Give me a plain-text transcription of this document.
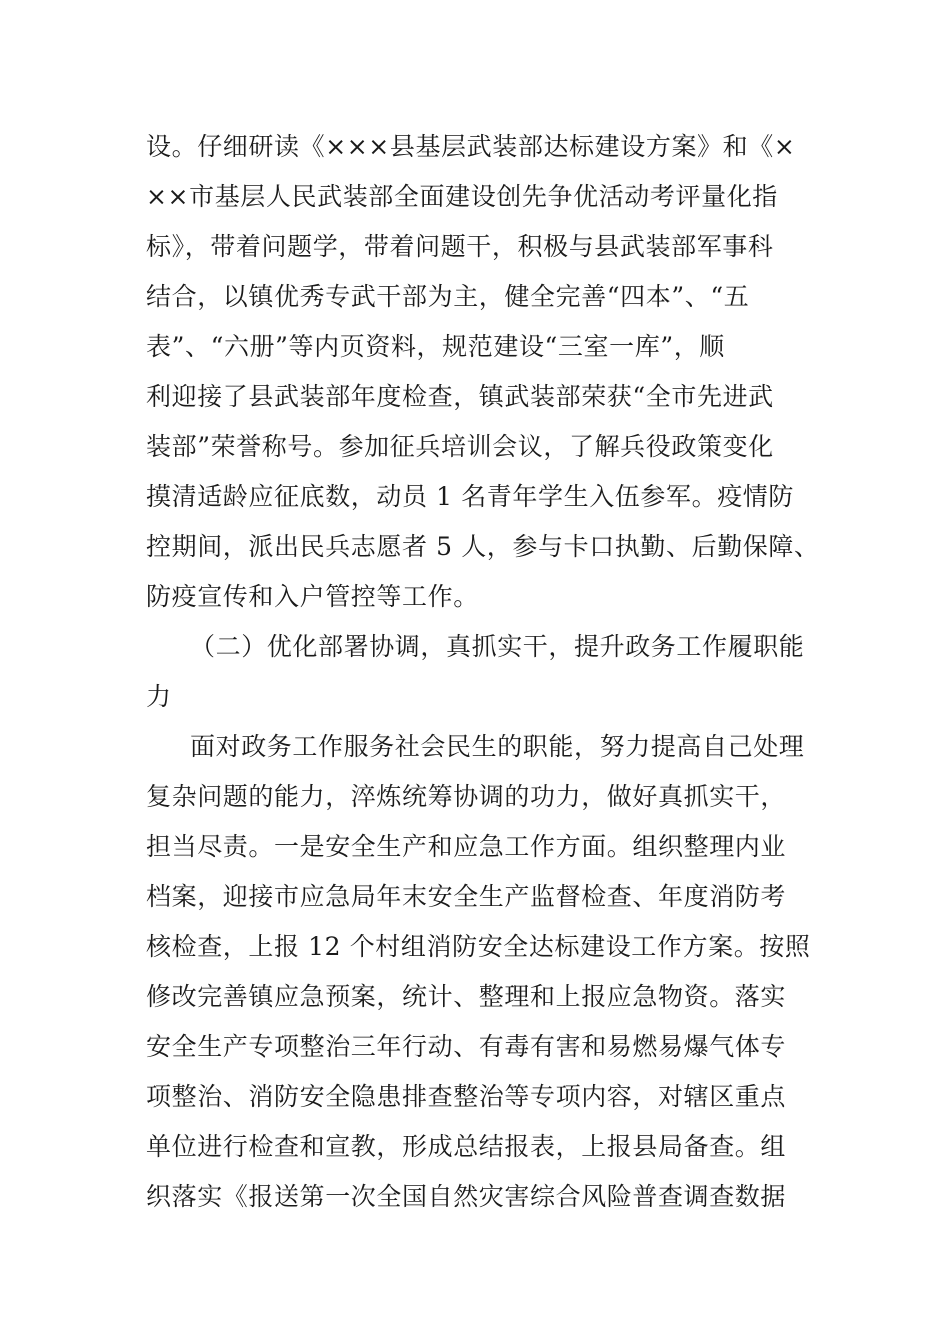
设。仔细研读《×××县基层武装部达标建设方案》和《×
××市基层人民武装部全面建设创先争优活动考评量化指
标》，带着问题学，带着问题干，积极与县武装部军事科
结合，以镇优秀专武干部为主，健全完善“四本”、“五
表”、“六册”等内页资料，规范建设“三室一库”，顺
利迎接了县武装部年度检查，镇武装部荣获“全市先进武
装部”荣誉称号。参加征兵培训会议，了解兵役政策变化
摸清适龄应征底数，动员 1 名青年学生入伍参军。疫情防
控期间，派出民兵志愿者 5 人，参与卡口执勤、后勤保障、
防疫宣传和入户管控等工作。
（二）优化部署协调，真抓实干，提升政务工作履职能
力
面对政务工作服务社会民生的职能，努力提高自己处理
复杂问题的能力，淬炼统筹协调的功力，做好真抓实干，
担当尽责。一是安全生产和应急工作方面。组织整理内业
档案，迎接市应急局年末安全生产监督检查、年度消防考
核检查，上报 12 个村组消防安全达标建设工作方案。按照
修改完善镇应急预案，统计、整理和上报应急物资。落实
安全生产专项整治三年行动、有毒有害和易燃易爆气体专
项整治、消防安全隐患排查整治等专项内容，对辖区重点
单位进行检查和宣教，形成总结报表，上报县局备查。组
织落实《报送第一次全国自然灾害综合风险普查调查数据
